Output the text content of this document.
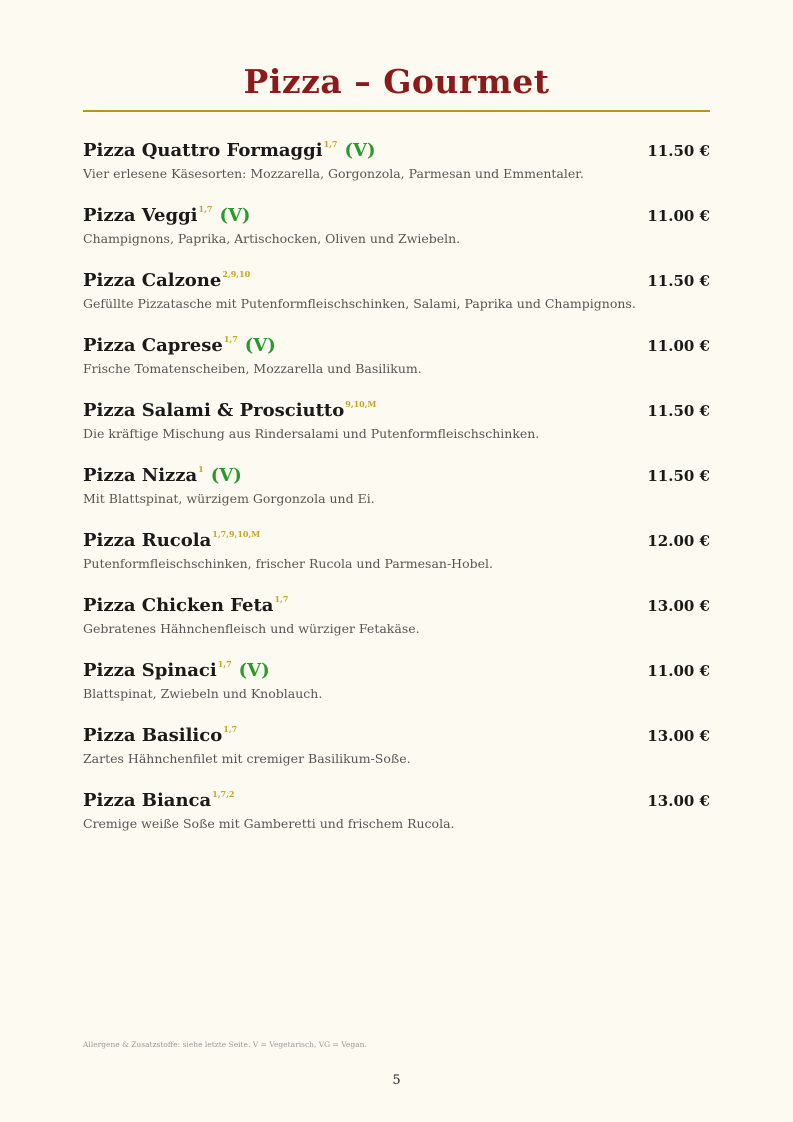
Pizza – Gourmet
Pizza Quattro Formaggi$^{1,7}$ (V)	11.50 €
Vier erlesene Käsesorten: Mozzarella, Gorgonzola, Parmesan und Emmentaler.
Pizza Veggi$^{1,7}$ (V)	11.00 €
Champignons, Paprika, Artischocken, Oliven und Zwiebeln.
Pizza Calzone$^{2,9,10}$	11.50 €
Gefüllte Pizzatasche mit Putenformfleischschinken, Salami, Paprika und Champignons.
Pizza Caprese$^{1,7}$ (V)	11.00 €
Frische Tomatenscheiben, Mozzarella und Basilikum.
Pizza Salami & Prosciutto$^{9,10,M}$	11.50 €
Die kräftige Mischung aus Rindersalami und Putenformfleischschinken.
Pizza Nizza$^1$ (V)	11.50 €
Mit Blattspinat, würzigem Gorgonzola und Ei.
Pizza Rucola$^{1,7,9,10,M}$	12.00 €
Putenformfleischschinken, frischer Rucola und Parmesan-Hobel.
Pizza Chicken Feta$^{1,7}$	13.00 €
Gebratenes Hähnchenfleisch und würziger Fetakäse.
Pizza Spinaci$^{1,7}$ (V)	11.00 €
Blattspinat, Zwiebeln und Knoblauch.
Pizza Basilico$^{1,7}$	13.00 €
Zartes Hähnchenfilet mit cremiger Basilikum-Soße.
Pizza Bianca$^{1,7,2}$	13.00 €
Cremige weiße Soße mit Gamberetti und frischem Rucola.
Allergene & Zusatzstoffe: siehe letzte Seite. V = Vegetarisch, VG = Vegan.
5
